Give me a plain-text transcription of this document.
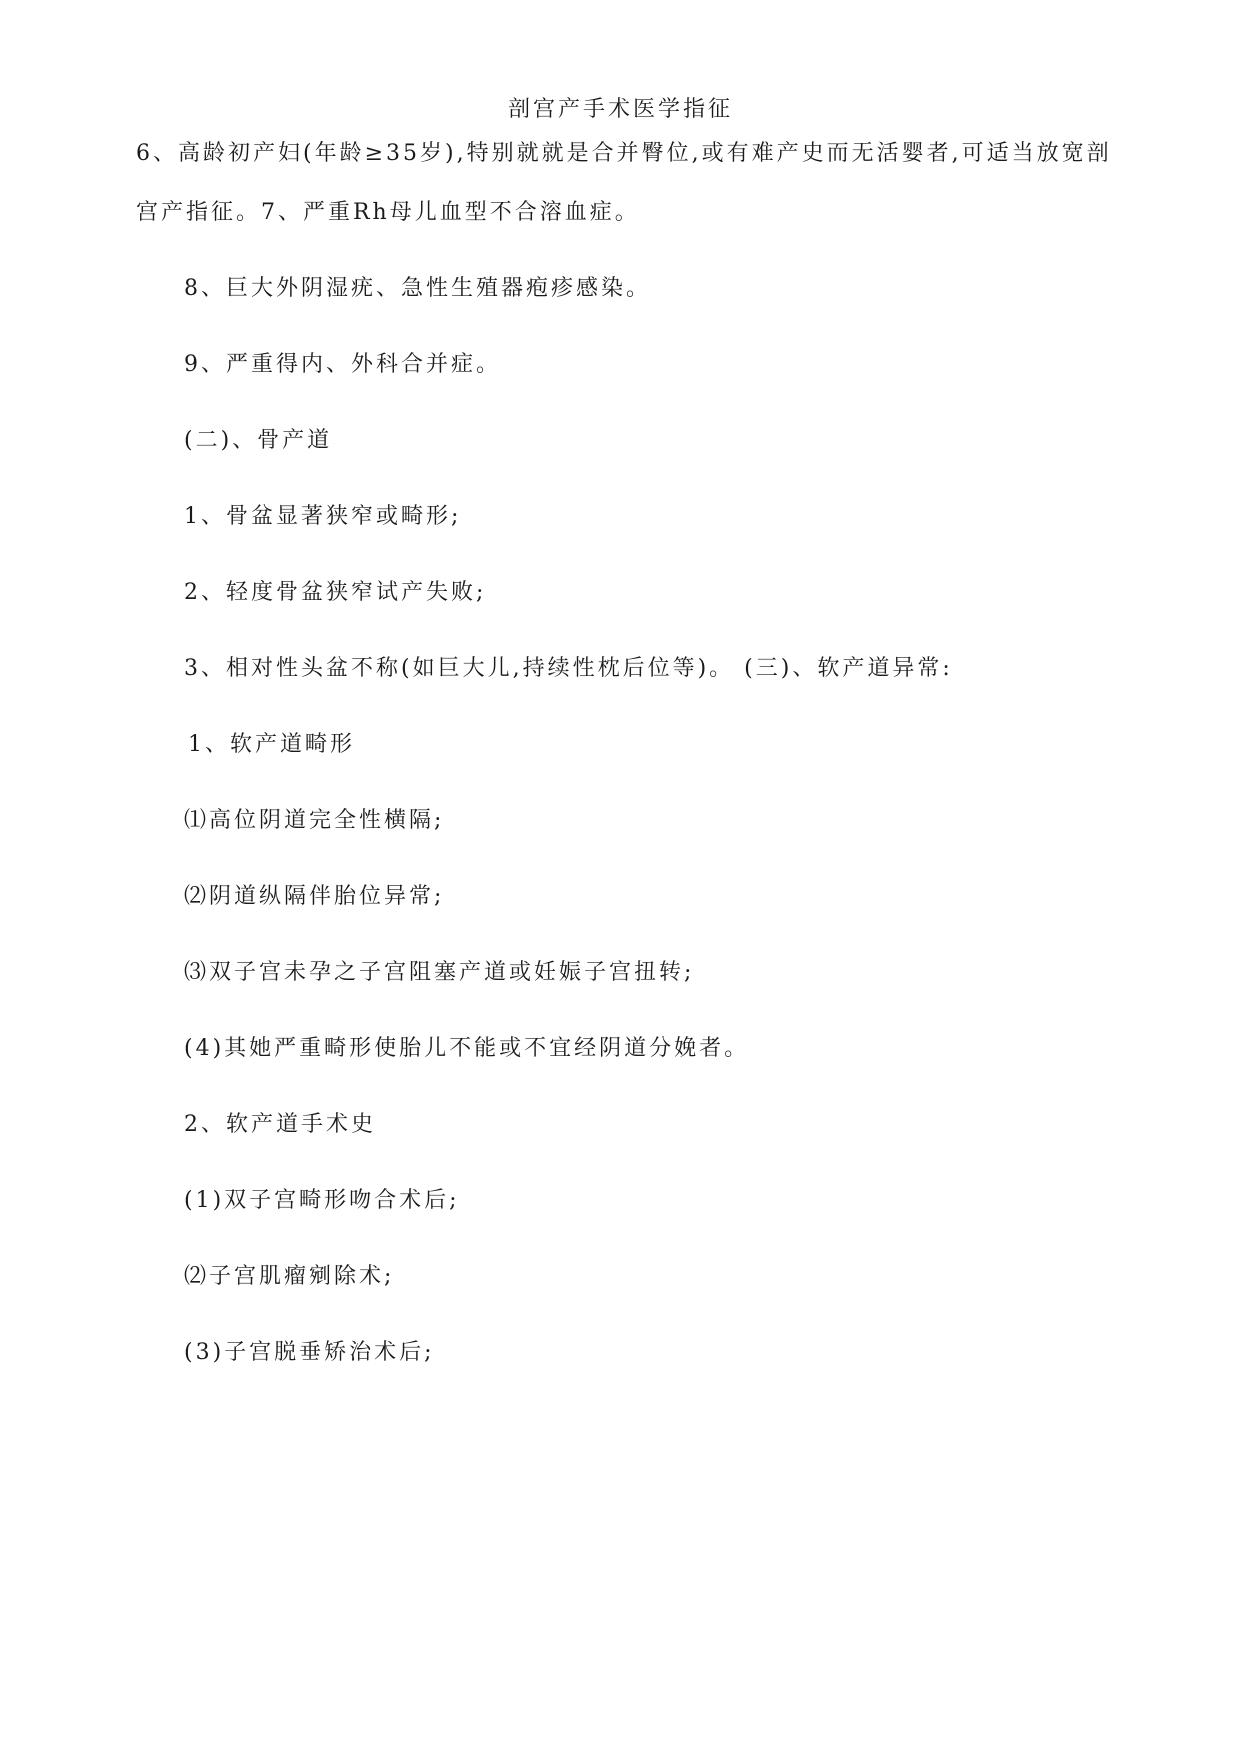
剖宫产手术医学指征
6、高龄初产妇(年龄≥35岁),特别就就是合并臀位,或有难产史而无活婴者,可适当放宽剖
宫产指征。7、严重Rh母儿血型不合溶血症。
8、巨大外阴湿疣、急性生殖器疱疹感染。
9、严重得内、外科合并症。
(二)、骨产道
1、骨盆显著狭窄或畸形;
2、轻度骨盆狭窄试产失败;
3、相对性头盆不称(如巨大儿,持续性枕后位等)。 (三)、软产道异常:
1、软产道畸形
⑴高位阴道完全性横隔;
⑵阴道纵隔伴胎位异常;
⑶双子宫未孕之子宫阻塞产道或妊娠子宫扭转;
(4)其她严重畸形使胎儿不能或不宜经阴道分娩者。
2、软产道手术史
(1)双子宫畸形吻合术后;
⑵子宫肌瘤剜除术;
(3)子宫脱垂矫治术后;
